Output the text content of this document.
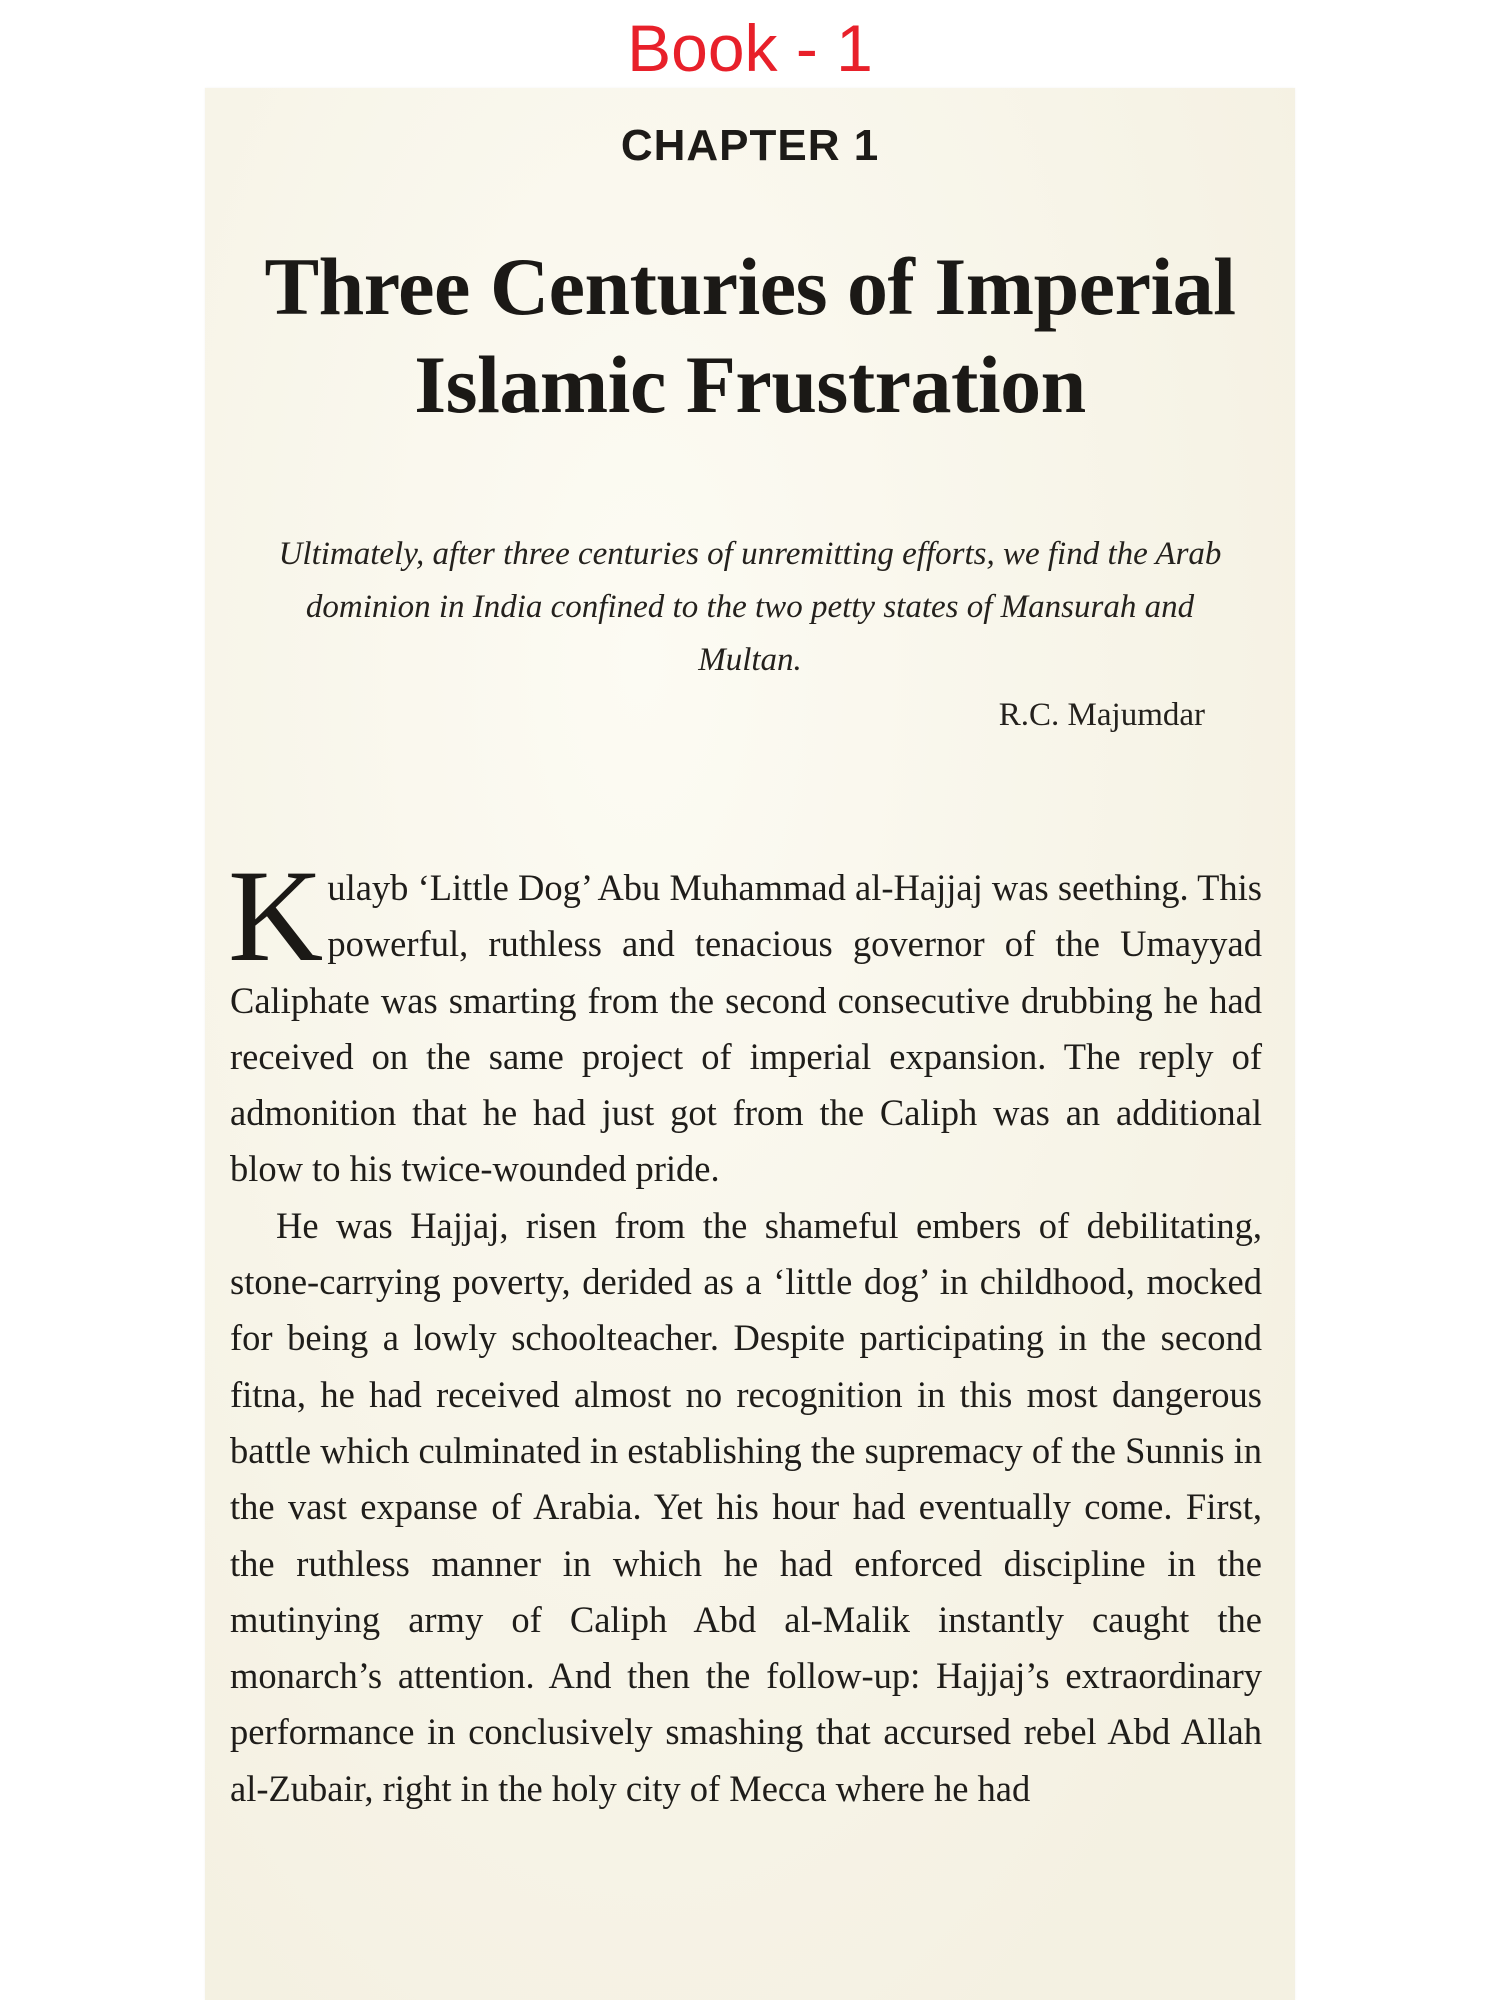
Book - 1
CHAPTER 1
Three Centuries of Imperial
Islamic Frustration
Ultimately, after three centuries of unremitting efforts, we find the Arab dominion in India confined to the two petty states of Mansurah and Multan.
R.C. Majumdar

Kulayb ‘Little Dog’ Abu Muhammad al-Hajjaj was seething. This powerful, ruthless and tenacious governor of the Umayyad Caliphate was smarting from the second consecutive drubbing he had received on the same project of imperial expansion. The reply of admonition that he had just got from the Caliph was an additional blow to his twice-wounded pride.

He was Hajjaj, risen from the shameful embers of debilitating, stone-carrying poverty, derided as a ‘little dog’ in childhood, mocked for being a lowly schoolteacher. Despite participating in the second fitna, he had received almost no recognition in this most dangerous battle which culminated in establishing the supremacy of the Sunnis in the vast expanse of Arabia. Yet his hour had eventually come. First, the ruthless manner in which he had enforced discipline in the mutinying army of Caliph Abd al-Malik instantly caught the monarch’s attention. And then the follow-up: Hajjaj’s extraordinary performance in conclusively smashing that accursed rebel Abd Allah al-Zubair, right in the holy city of Mecca where he had
